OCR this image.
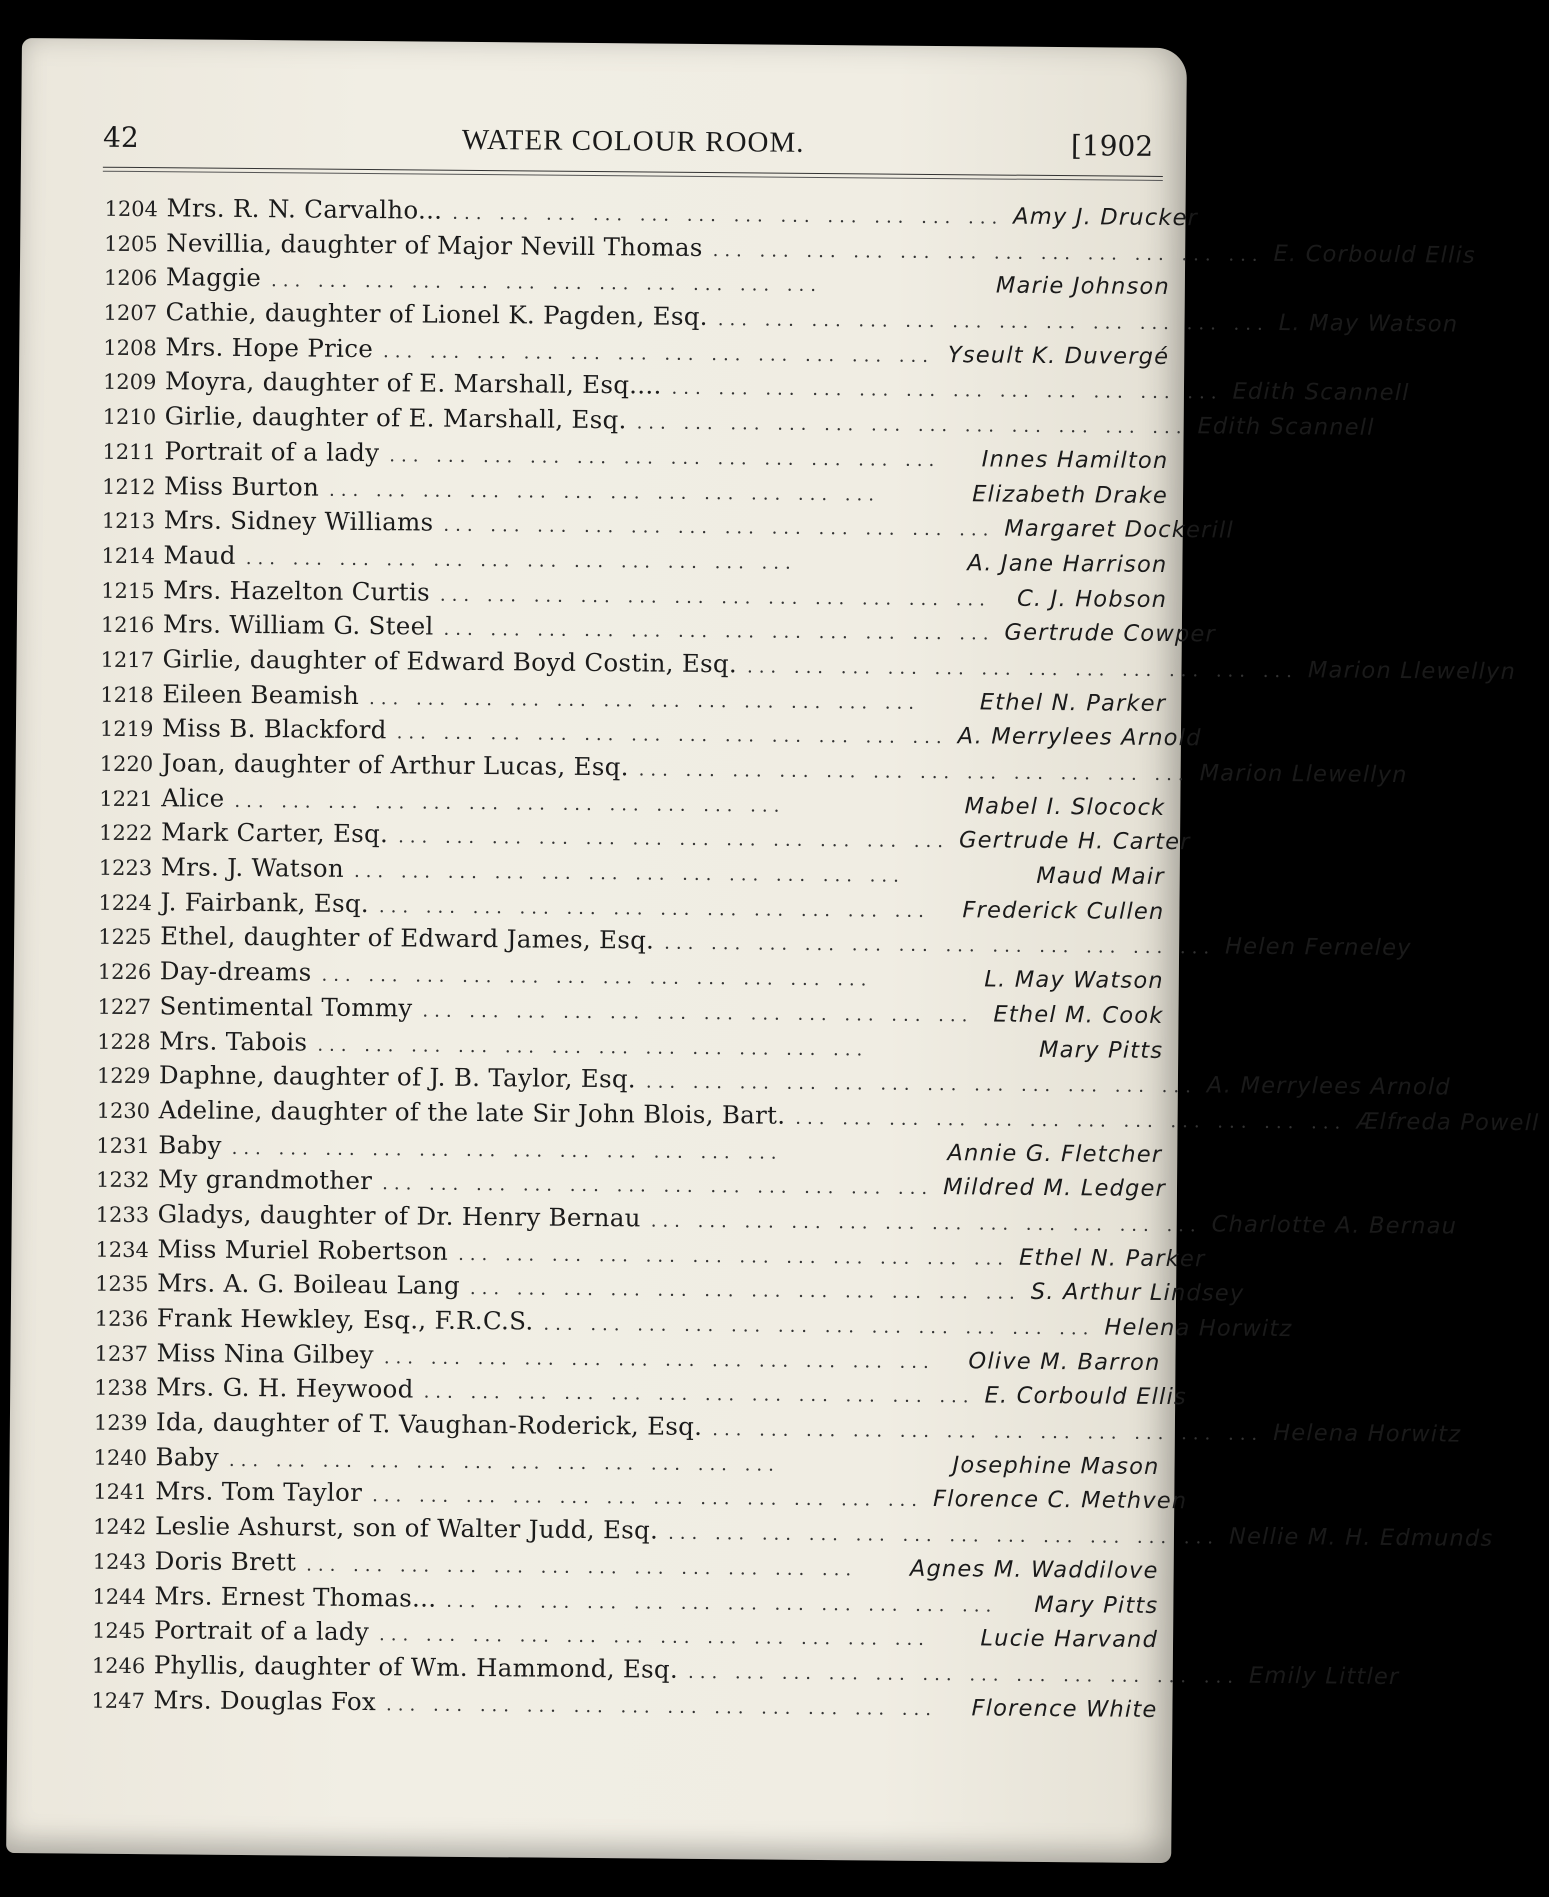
42	WATER COLOUR ROOM.	[1902
1204 Mrs. R. N. Carvalho... ... ... ... ... ... ... ... ... ... ... ... ... Amy J. Drucker
1205 Nevillia, daughter of Major Nevill Thomas ... ... ... ... ... ... ... ... ... ... ... ... E. Corbould Ellis
1206 Maggie ... ... ... ... ... ... ... ... ... ... ... ...	Marie Johnson
1207 Cathie, daughter of Lionel K. Pagden, Esq. ... ... ... ... ... ... ... ... ... ... ... ... L. May Watson
1208 Mrs. Hope Price ... ... ... ... ... ... ... ... ... ... ... ... Yseult K. Duvergé
1209 Moyra, daughter of E. Marshall, Esq.... ... ... ... ... ... ... ... ... ... ... ... ... Edith Scannell
1210 Girlie, daughter of E. Marshall, Esq. ... ... ... ... ... ... ... ... ... ... ... ... Edith Scannell
1211 Portrait of a lady ... ... ... ... ... ... ... ... ... ... ... ...	Innes Hamilton
1212 Miss Burton ... ... ... ... ... ... ... ... ... ... ... ...	Elizabeth Drake
1213 Mrs. Sidney Williams ... ... ... ... ... ... ... ... ... ... ... ... Margaret Dockerill
1214 Maud ... ... ... ... ... ... ... ... ... ... ... ...	A. Jane Harrison
1215 Mrs. Hazelton Curtis ... ... ... ... ... ... ... ... ... ... ... ...	C. J. Hobson
1216 Mrs. William G. Steel ... ... ... ... ... ... ... ... ... ... ... ... Gertrude Cowper
1217 Girlie, daughter of Edward Boyd Costin, Esq. ... ... ... ... ... ... ... ... ... ... ... ... Marion Llewellyn
1218 Eileen Beamish ... ... ... ... ... ... ... ... ... ... ... ...	Ethel N. Parker
1219 Miss B. Blackford ... ... ... ... ... ... ... ... ... ... ... ... A. Merrylees Arnold
1220 Joan, daughter of Arthur Lucas, Esq. ... ... ... ... ... ... ... ... ... ... ... ... Marion Llewellyn
1221 Alice ... ... ... ... ... ... ... ... ... ... ... ...	Mabel I. Slocock
1222 Mark Carter, Esq. ... ... ... ... ... ... ... ... ... ... ... ... Gertrude H. Carter
1223 Mrs. J. Watson ... ... ... ... ... ... ... ... ... ... ... ...	Maud Mair
1224 J. Fairbank, Esq. ... ... ... ... ... ... ... ... ... ... ... ...	Frederick Cullen
1225 Ethel, daughter of Edward James, Esq. ... ... ... ... ... ... ... ... ... ... ... ... Helen Ferneley
1226 Day-dreams ... ... ... ... ... ... ... ... ... ... ... ...	L. May Watson
1227 Sentimental Tommy ... ... ... ... ... ... ... ... ... ... ... ... Ethel M. Cook
1228 Mrs. Tabois ... ... ... ... ... ... ... ... ... ... ... ...	Mary Pitts
1229 Daphne, daughter of J. B. Taylor, Esq. ... ... ... ... ... ... ... ... ... ... ... ... A. Merrylees Arnold
1230 Adeline, daughter of the late Sir John Blois, Bart. ... ... ... ... ... ... ... ... ... ... ... ... Ælfreda Powell
1231 Baby ... ... ... ... ... ... ... ... ... ... ... ...	Annie G. Fletcher
1232 My grandmother ... ... ... ... ... ... ... ... ... ... ... ... Mildred M. Ledger
1233 Gladys, daughter of Dr. Henry Bernau ... ... ... ... ... ... ... ... ... ... ... ... Charlotte A. Bernau
1234 Miss Muriel Robertson ... ... ... ... ... ... ... ... ... ... ... ... Ethel N. Parker
1235 Mrs. A. G. Boileau Lang ... ... ... ... ... ... ... ... ... ... ... ... S. Arthur Lindsey
1236 Frank Hewkley, Esq., F.R.C.S. ... ... ... ... ... ... ... ... ... ... ... ... Helena Horwitz
1237 Miss Nina Gilbey ... ... ... ... ... ... ... ... ... ... ... ...	Olive M. Barron
1238 Mrs. G. H. Heywood ... ... ... ... ... ... ... ... ... ... ... ... E. Corbould Ellis
1239 Ida, daughter of T. Vaughan-Roderick, Esq. ... ... ... ... ... ... ... ... ... ... ... ... Helena Horwitz
1240 Baby ... ... ... ... ... ... ... ... ... ... ... ...	Josephine Mason
1241 Mrs. Tom Taylor ... ... ... ... ... ... ... ... ... ... ... ... Florence C. Methven
1242 Leslie Ashurst, son of Walter Judd, Esq. ... ... ... ... ... ... ... ... ... ... ... ... Nellie M. H. Edmunds
1243 Doris Brett ... ... ... ... ... ... ... ... ... ... ... ...	Agnes M. Waddilove
1244 Mrs. Ernest Thomas... ... ... ... ... ... ... ... ... ... ... ... ...	Mary Pitts
1245 Portrait of a lady ... ... ... ... ... ... ... ... ... ... ... ...	Lucie Harvand
1246 Phyllis, daughter of Wm. Hammond, Esq. ... ... ... ... ... ... ... ... ... ... ... ... Emily Littler
1247 Mrs. Douglas Fox ... ... ... ... ... ... ... ... ... ... ... ...	Florence White
